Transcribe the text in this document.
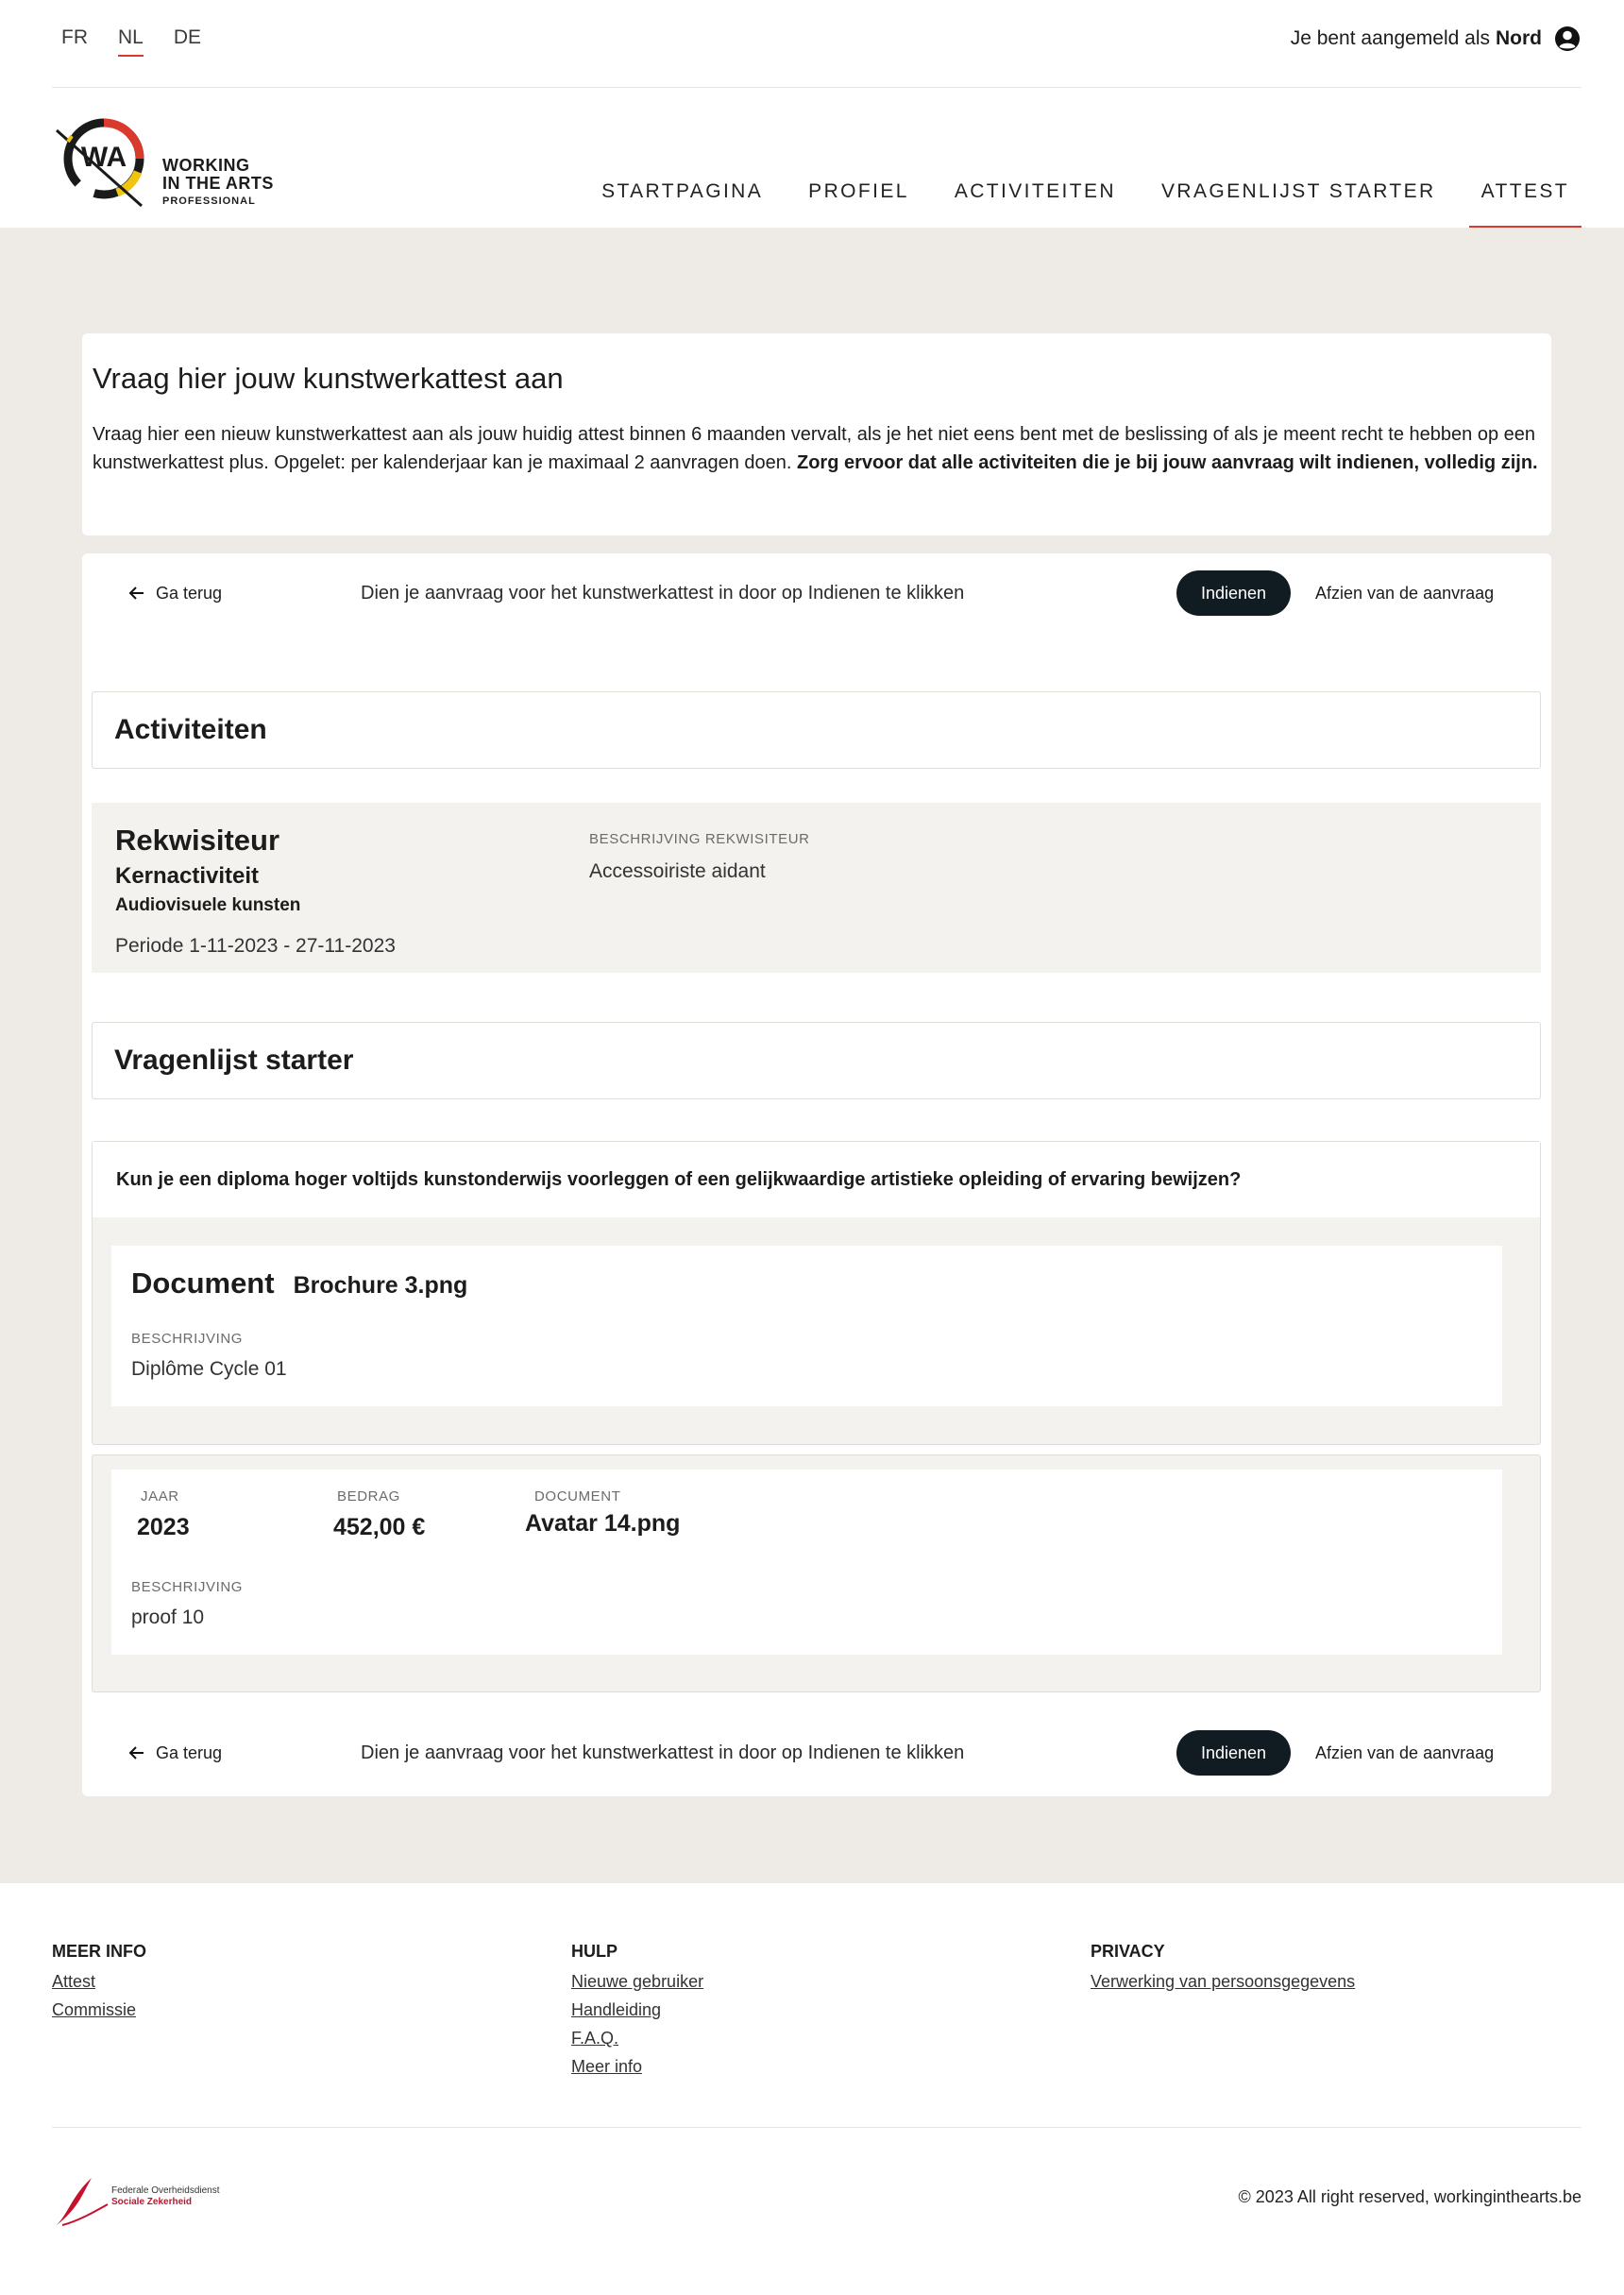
FR NL DE	Je bent aangemeld als Nord
WA WORKING
IN THE ARTS
PROFESSIONAL	STARTPAGINA	PROFIEL	ACTIVITEITEN	VRAGENLIJST STARTER	ATTEST
Vraag hier jouw kunstwerkattest aan

Vraag hier een nieuw kunstwerkattest aan als jouw huidig attest binnen 6 maanden vervalt, als je het niet eens bent met de beslissing of als je meent recht te hebben op een kunstwerkattest plus. Opgelet: per kalenderjaar kan je maximaal 2 aanvragen doen. Zorg ervoor dat alle activiteiten die je bij jouw aanvraag wilt indienen, volledig zijn.

Ga terug	Dien je aanvraag voor het kunstwerkattest in door op Indienen te klikken	Indienen	Afzien van de aanvraag
Activiteiten
Rekwisiteur
Kernactiviteit
Audiovisuele kunsten
Periode 1-11-2023 - 27-11-2023
BESCHRIJVING REKWISITEUR
Accessoiriste aidant
Vragenlijst starter
Kun je een diploma hoger voltijds kunstonderwijs voorleggen of een gelijkwaardige artistieke opleiding of ervaring bewijzen?
Document Brochure 3.png
BESCHRIJVING
Diplôme Cycle 01
JAAR
2023
BEDRAG
452,00 €
DOCUMENT
Avatar 14.png
BESCHRIJVING
proof 10
Ga terug	Dien je aanvraag voor het kunstwerkattest in door op Indienen te klikken	Indienen	Afzien van de aanvraag
MEER INFO
Attest
Commissie
HULP
Nieuwe gebruiker
Handleiding
F.A.Q.
Meer info
PRIVACY
Verwerking van persoonsgegevens
Federale Overheidsdienst
Sociale Zekerheid	© 2023 All right reserved, workinginthearts.be
